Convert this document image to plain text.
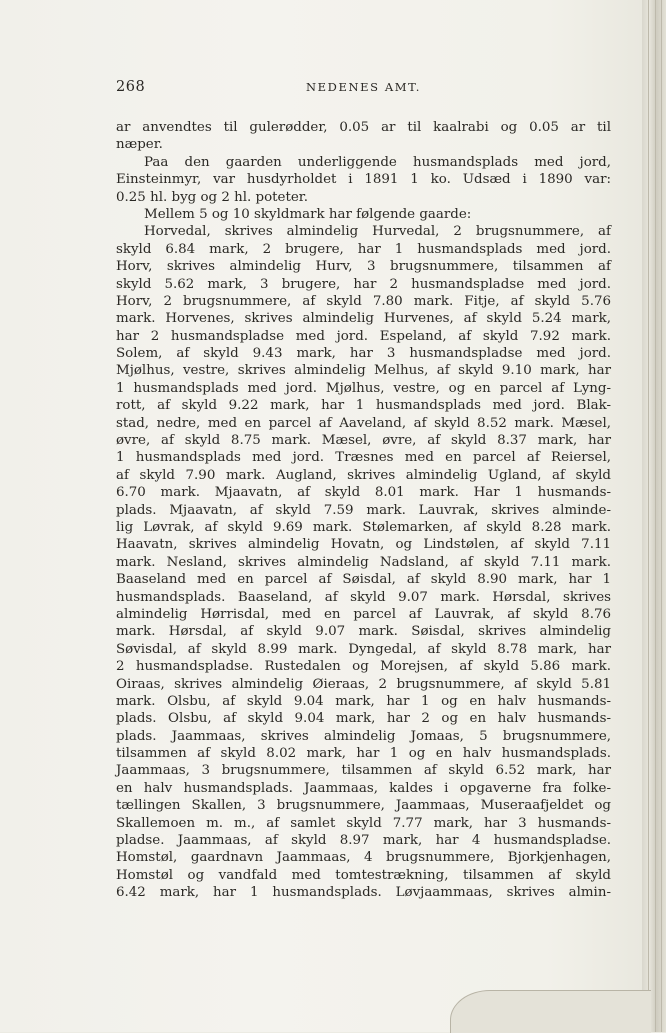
268	NEDENES AMT.
ar anvendtes til gulerødder, 0.05 ar til kaalrabi og 0.05 ar til
næper.
Paa den gaarden underliggende husmandsplads med jord,
Einsteinmyr, var husdyrholdet i 1891 1 ko. Udsæd i 1890 var:
0.25 hl. byg og 2 hl. poteter.
Mellem 5 og 10 skyldmark har følgende gaarde:
Horvedal, skrives almindelig Hurvedal, 2 brugsnummere, af
skyld 6.84 mark, 2 brugere, har 1 husmandsplads med jord.
Horv, skrives almindelig Hurv, 3 brugsnummere, tilsammen af
skyld 5.62 mark, 3 brugere, har 2 husmandspladse med jord.
Horv, 2 brugsnummere, af skyld 7.80 mark. Fitje, af skyld 5.76
mark. Horvenes, skrives almindelig Hurvenes, af skyld 5.24 mark,
har 2 husmandspladse med jord. Espeland, af skyld 7.92 mark.
Solem, af skyld 9.43 mark, har 3 husmandspladse med jord.
Mjølhus, vestre, skrives almindelig Melhus, af skyld 9.10 mark, har
1 husmandsplads med jord. Mjølhus, vestre, og en parcel af Lyng-
rott, af skyld 9.22 mark, har 1 husmandsplads med jord. Blak-
stad, nedre, med en parcel af Aaveland, af skyld 8.52 mark. Mæsel,
øvre, af skyld 8.75 mark. Mæsel, øvre, af skyld 8.37 mark, har
1 husmandsplads med jord. Træsnes med en parcel af Reiersel,
af skyld 7.90 mark. Augland, skrives almindelig Ugland, af skyld
6.70 mark. Mjaavatn, af skyld 8.01 mark. Har 1 husmands-
plads. Mjaavatn, af skyld 7.59 mark. Lauvrak, skrives alminde-
lig Løvrak, af skyld 9.69 mark. Stølemarken, af skyld 8.28 mark.
Haavatn, skrives almindelig Hovatn, og Lindstølen, af skyld 7.11
mark. Nesland, skrives almindelig Nadsland, af skyld 7.11 mark.
Baaseland med en parcel af Søisdal, af skyld 8.90 mark, har 1
husmandsplads. Baaseland, af skyld 9.07 mark. Hørsdal, skrives
almindelig Hørrisdal, med en parcel af Lauvrak, af skyld 8.76
mark. Hørsdal, af skyld 9.07 mark. Søisdal, skrives almindelig
Søvisdal, af skyld 8.99 mark. Dyngedal, af skyld 8.78 mark, har
2 husmandspladse. Rustedalen og Morejsen, af skyld 5.86 mark.
Oiraas, skrives almindelig Øieraas, 2 brugsnummere, af skyld 5.81
mark. Olsbu, af skyld 9.04 mark, har 1 og en halv husmands-
plads. Olsbu, af skyld 9.04 mark, har 2 og en halv husmands-
plads. Jaammaas, skrives almindelig Jomaas, 5 brugsnummere,
tilsammen af skyld 8.02 mark, har 1 og en halv husmandsplads.
Jaammaas, 3 brugsnummere, tilsammen af skyld 6.52 mark, har
en halv husmandsplads. Jaammaas, kaldes i opgaverne fra folke-
tællingen Skallen, 3 brugsnummere, Jaammaas, Museraafjeldet og
Skallemoen m. m., af samlet skyld 7.77 mark, har 3 husmands-
pladse. Jaammaas, af skyld 8.97 mark, har 4 husmandspladse.
Homstøl, gaardnavn Jaammaas, 4 brugsnummere, Bjorkjenhagen,
Homstøl og vandfald med tomtestrækning, tilsammen af skyld
6.42 mark, har 1 husmandsplads. Løvjaammaas, skrives almin-
